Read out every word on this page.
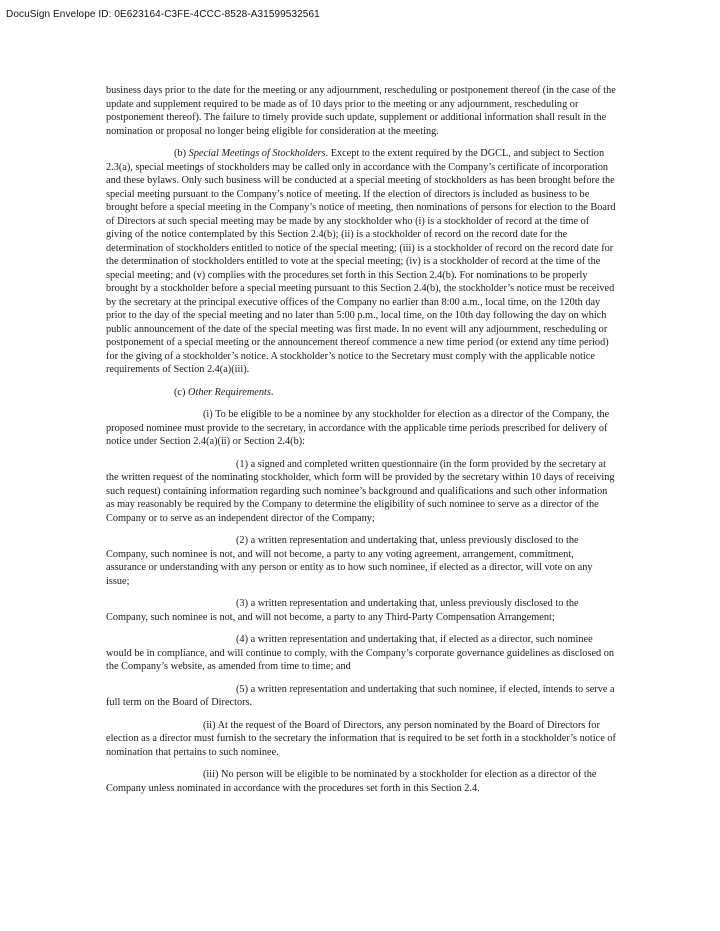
DocuSign Envelope ID: 0E623164-C3FE-4CCC-8528-A31599532561

business days prior to the date for the meeting or any adjournment, rescheduling or postponement thereof (in the case of the update and supplement required to be made as of 10 days prior to the meeting or any adjournment, rescheduling or postponement thereof). The failure to timely provide such update, supplement or additional information shall result in the nomination or proposal no longer being eligible for consideration at the meeting.

(b) Special Meetings of Stockholders. Except to the extent required by the DGCL, and subject to Section 2.3(a), special meetings of stockholders may be called only in accordance with the Company’s certificate of incorporation and these bylaws. Only such business will be conducted at a special meeting of stockholders as has been brought before the special meeting pursuant to the Company’s notice of meeting. If the election of directors is included as business to be brought before a special meeting in the Company’s notice of meeting, then nominations of persons for election to the Board of Directors at such special meeting may be made by any stockholder who (i) is a stockholder of record at the time of giving of the notice contemplated by this Section 2.4(b); (ii) is a stockholder of record on the record date for the determination of stockholders entitled to notice of the special meeting; (iii) is a stockholder of record on the record date for the determination of stockholders entitled to vote at the special meeting; (iv) is a stockholder of record at the time of the special meeting; and (v) complies with the procedures set forth in this Section 2.4(b). For nominations to be properly brought by a stockholder before a special meeting pursuant to this Section 2.4(b), the stockholder’s notice must be received by the secretary at the principal executive offices of the Company no earlier than 8:00 a.m., local time, on the 120th day prior to the day of the special meeting and no later than 5:00 p.m., local time, on the 10th day following the day on which public announcement of the date of the special meeting was first made. In no event will any adjournment, rescheduling or postponement of a special meeting or the announcement thereof commence a new time period (or extend any time period) for the giving of a stockholder’s notice. A stockholder’s notice to the Secretary must comply with the applicable notice requirements of Section 2.4(a)(iii).

(c) Other Requirements.

(i) To be eligible to be a nominee by any stockholder for election as a director of the Company, the proposed nominee must provide to the secretary, in accordance with the applicable time periods prescribed for delivery of notice under Section 2.4(a)(ii) or Section 2.4(b):

(1) a signed and completed written questionnaire (in the form provided by the secretary at the written request of the nominating stockholder, which form will be provided by the secretary within 10 days of receiving such request) containing information regarding such nominee’s background and qualifications and such other information as may reasonably be required by the Company to determine the eligibility of such nominee to serve as a director of the Company or to serve as an independent director of the Company;

(2) a written representation and undertaking that, unless previously disclosed to the Company, such nominee is not, and will not become, a party to any voting agreement, arrangement, commitment, assurance or understanding with any person or entity as to how such nominee, if elected as a director, will vote on any issue;

(3) a written representation and undertaking that, unless previously disclosed to the Company, such nominee is not, and will not become, a party to any Third-Party Compensation Arrangement;

(4) a written representation and undertaking that, if elected as a director, such nominee would be in compliance, and will continue to comply, with the Company’s corporate governance guidelines as disclosed on the Company’s website, as amended from time to time; and

(5) a written representation and undertaking that such nominee, if elected, intends to serve a full term on the Board of Directors.

(ii) At the request of the Board of Directors, any person nominated by the Board of Directors for election as a director must furnish to the secretary the information that is required to be set forth in a stockholder’s notice of nomination that pertains to such nominee.

(iii) No person will be eligible to be nominated by a stockholder for election as a director of the Company unless nominated in accordance with the procedures set forth in this Section 2.4.
